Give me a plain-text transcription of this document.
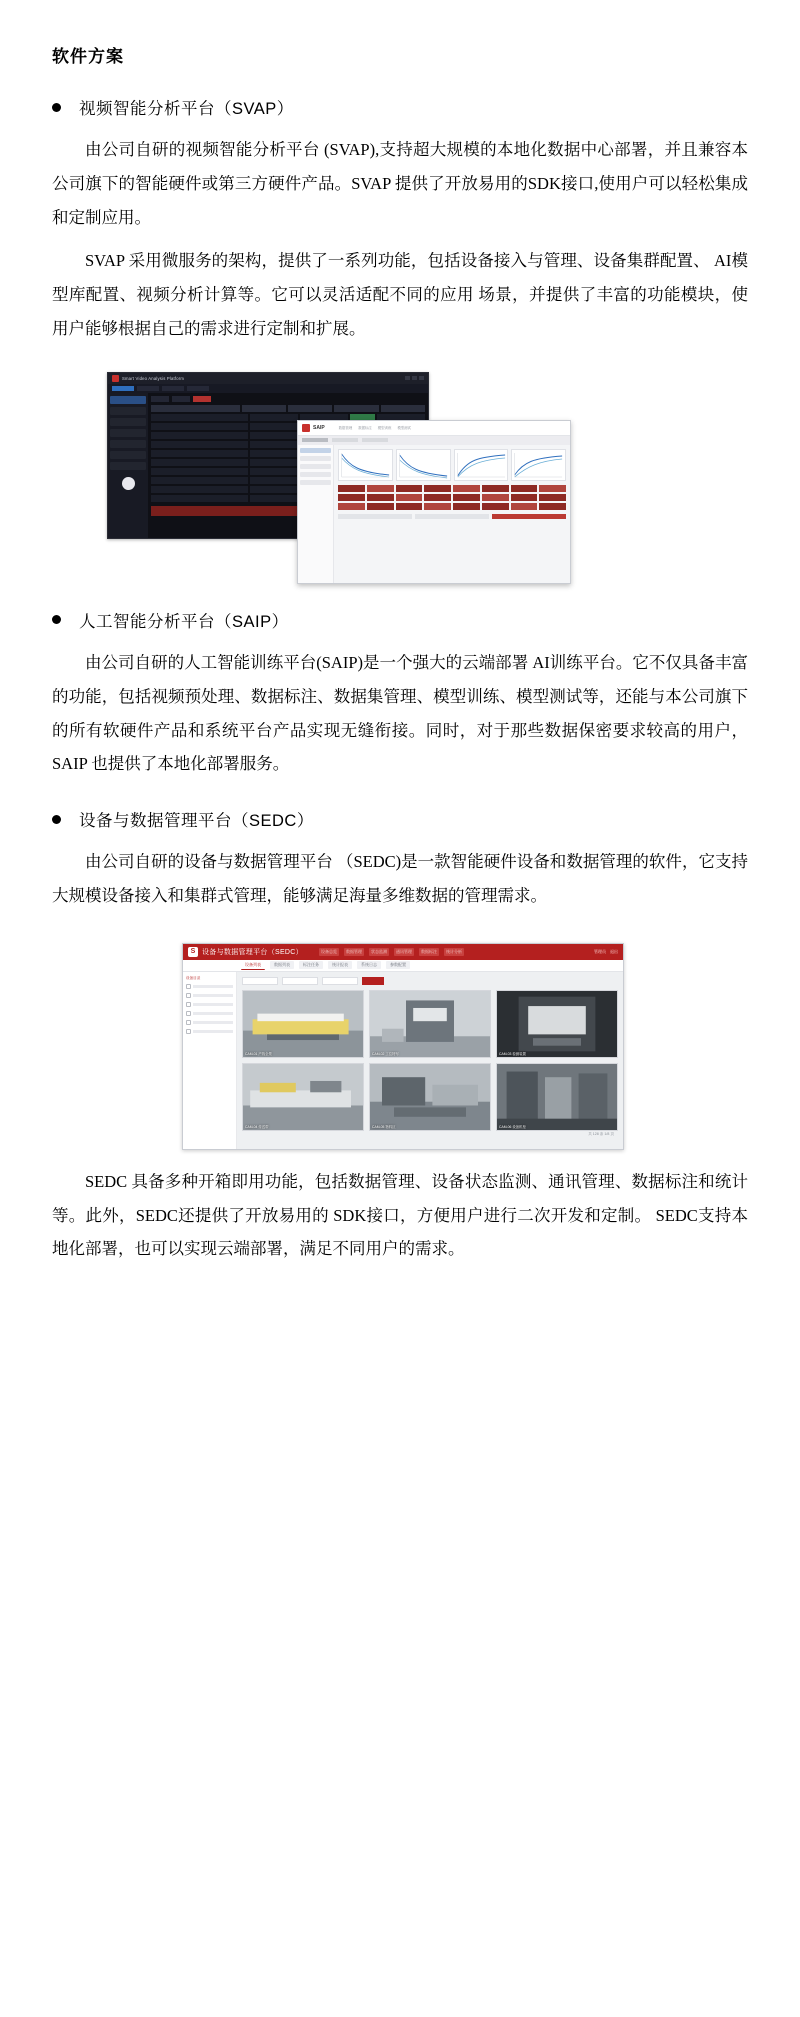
软件方案
视频智能分析平台（SVAP）

由公司自研的视频智能分析平台 (SVAP),支持超大规模的本地化数据中心部署，并且兼容本公司旗下的智能硬件或第三方硬件产品。SVAP 提供了开放易用的SDK接口,使用户可以轻松集成和定制应用。

SVAP 采用微服务的架构，提供了一系列功能，包括设备接入与管理、设备集群配置、 AI模型库配置、视频分析计算等。它可以灵活适配不同的应用 场景，并提供了丰富的功能模块，使用户能够根据自己的需求进行定制和扩展。

Smart Video Analysis Platform
SAIP	数据管理 数据标注 模型训练 模型测试
人工智能分析平台（SAIP）

由公司自研的人工智能训练平台(SAIP)是一个强大的云端部署 AI训练平台。它不仅具备丰富的功能，包括视频预处理、数据标注、数据集管理、模型训练、模型测试等，还能与本公司旗下的所有软硬件产品和系统平台产品实现无缝衔接。同时，对于那些数据保密要求较高的用户， SAIP 也提供了本地化部署服务。

设备与数据管理平台（SEDC）

由公司自研的设备与数据管理平台 （SEDC)是一款智能硬件设备和数据管理的软件，它支持大规模设备接入和集群式管理，能够满足海量多维数据的管理需求。

S 设备与数据管理平台（SEDC）	设备总览	数据管理	状态监测	通讯管理	数据标注	统计分析	管理员 退出
设备列表	数据列表	标注任务	统计报表	系统日志	参数配置
设备目录
CAM-01 产线全景	CAM-02 工位特写	CAM-03 检测装置
CAM-04 传送带	CAM-05 物料区	CAM-06 设备机柜
共 128 条 1/8 页

SEDC 具备多种开箱即用功能，包括数据管理、设备状态监测、通讯管理、数据标注和统计等。此外，SEDC还提供了开放易用的 SDK接口，方便用户进行二次开发和定制。 SEDC支持本地化部署，也可以实现云端部署，满足不同用户的需求。
